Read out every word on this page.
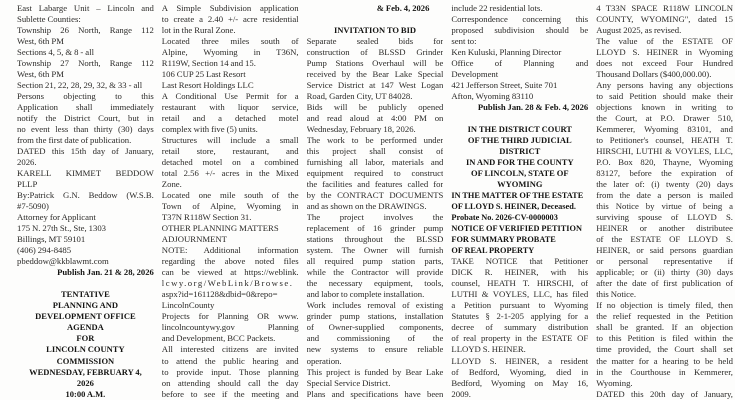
East Labarge Unit – Lincoln and
Sublette Counties:
Township 26 North, Range 112
West, 6th PM
Sections 4, 5, & 8 - all
Township 27 North, Range 112
West, 6th PM
Section 21, 22, 28, 29, 32, & 33 - all
Persons objecting to this
Application shall immediately
notify the District Court, but in
no event less than thirty (30) days
from the first date of publication.
DATED this 15th day of January,
2026.
KARELL KIMMET BEDDOW
PLLP
By:Patrick G.N. Beddow (W.S.B.
#7-5090)
Attorney for Applicant
175 N. 27th St., Ste, 1303
Billings, MT 59101
(406) 294-8485
pbeddow@kkblawmt.com
Publish Jan. 21 & 28, 2026

TENTATIVE
PLANNING AND
DEVELOPMENT OFFICE
AGENDA
FOR
LINCOLN COUNTY
COMMISSION
WEDNESDAY, FEBRUARY 4,
2026
10:00 A.M.
A Simple Subdivision application
to create a 2.40 +/- acre residential
lot in the Rural Zone.
Located three miles south of
Alpine, Wyoming in T36N,
R119W, Section 14 and 15.
106 CUP 25 Last Resort
Last Resort Holdings LLC
A Conditional Use Permit for a
restaurant with liquor service,
retail and a detached motel
complex with five (5) units.
Structures will include a small
retail store, restaurant, and
detached motel on a combined
total 2.56 +/- acres in the Mixed
Zone.
Located one mile south of the
Town of Alpine, Wyoming in
T37N R118W Section 31.
OTHER PLANNING MATTERS
ADJOURNMENT
NOTE: Additional information
regarding the above noted files
can be viewed at https://weblink.
lcwy.org/WebLink/Browse.
aspx?id=161128&dbid=0&repo=
LincolnCounty
Projects for Planning OR www.
lincolncountywy.gov Planning
and Development, BCC Packets.
All interested citizens are invited
to attend the public hearing and
to provide input. Those planning
on attending should call the day
before to see if the meeting and
& Feb. 4, 2026

INVITATION TO BID
Separate sealed bids for
construction of BLSSD Grinder
Pump Stations Overhaul will be
received by the Bear Lake Special
Service District at 147 West Logan
Road, Garden City, UT 84028.
Bids will be publicly opened
and read aloud at 4:00 PM on
Wednesday, February 18, 2026.
The work to be performed under
this project shall consist of
furnishing all labor, materials and
equipment required to construct
the facilities and features called for
by the CONTRACT DOCUMENTS
and as shown on the DRAWINGS.
The project involves the
replacement of 16 grinder pump
stations throughout the BLSSD
system. The Owner will furnish
all required pump station parts,
while the Contractor will provide
the necessary equipment, tools,
and labor to complete installation.
Work includes removal of existing
grinder pump stations, installation
of Owner-supplied components,
and commissioning of the
new systems to ensure reliable
operation.
This project is funded by Bear Lake
Special Service District.
Plans and specifications have been
include 22 residential lots.
Correspondence concerning this
proposed subdivision should be
sent to:
Ken Kuluski, Planning Director
Office of Planning and
Development
421 Jefferson Street, Suite 701
Afton, Wyoming 83110
Publish Jan. 28 & Feb. 4, 2026

IN THE DISTRICT COURT
OF THE THIRD JUDICIAL
DISTRICT
IN AND FOR THE COUNTY
OF LINCOLN, STATE OF
WYOMING
IN THE MATTER OF THE ESTATE
OF LLOYD S. HEINER, Deceased.
Probate No. 2026-CV-0000003
NOTICE OF VERIFIED PETITION
FOR SUMMARY PROBATE
OF REAL PROPERTY
TAKE NOTICE that Petitioner
DICK R. HEINER, with his
counsel, HEATH T. HIRSCHI, of
LUTHI & VOYLES, LLC, has filed
a Petition pursuant to Wyoming
Statutes § 2-1-205 applying for a
decree of summary distribution
of real property in the ESTATE OF
LLOYD S. HEINER.
LLOYD S. HEINER, a resident
of Bedford, Wyoming, died in
Bedford, Wyoming on May 16,
2009.
4 T33N SPACE R118W LINCOLN
COUNTY, WYOMING", dated 15
August 2025, as revised.
The value of the ESTATE OF
LLOYD S. HEINER in Wyoming
does not exceed Four Hundred
Thousand Dollars ($400,000.00).
Any persons having any objections
to said Petition should make their
objections known in writing to
the Court, at P.O. Drawer 510,
Kemmerer, Wyoming 83101, and
to Petitioner's counsel, HEATH T.
HIRSCHI, LUTHI & VOYLES, LLC,
P.O. Box 820, Thayne, Wyoming
83127, before the expiration of
the later of: (i) twenty (20) days
from the date a person is mailed
this Notice by virtue of being a
surviving spouse of LLOYD S.
HEINER or another distributee
of the ESTATE OF LLOYD S.
HEINER, or said persons guardian
or personal representative if
applicable; or (ii) thirty (30) days
after the date of first publication of
this Notice.
If no objection is timely filed, then
the relief requested in the Petition
shall be granted. If an objection
to this Petition is filed within the
time provided, the Court shall set
the matter for a hearing to be held
in the Courthouse in Kemmerer,
Wyoming.
DATED this 20th day of January,
